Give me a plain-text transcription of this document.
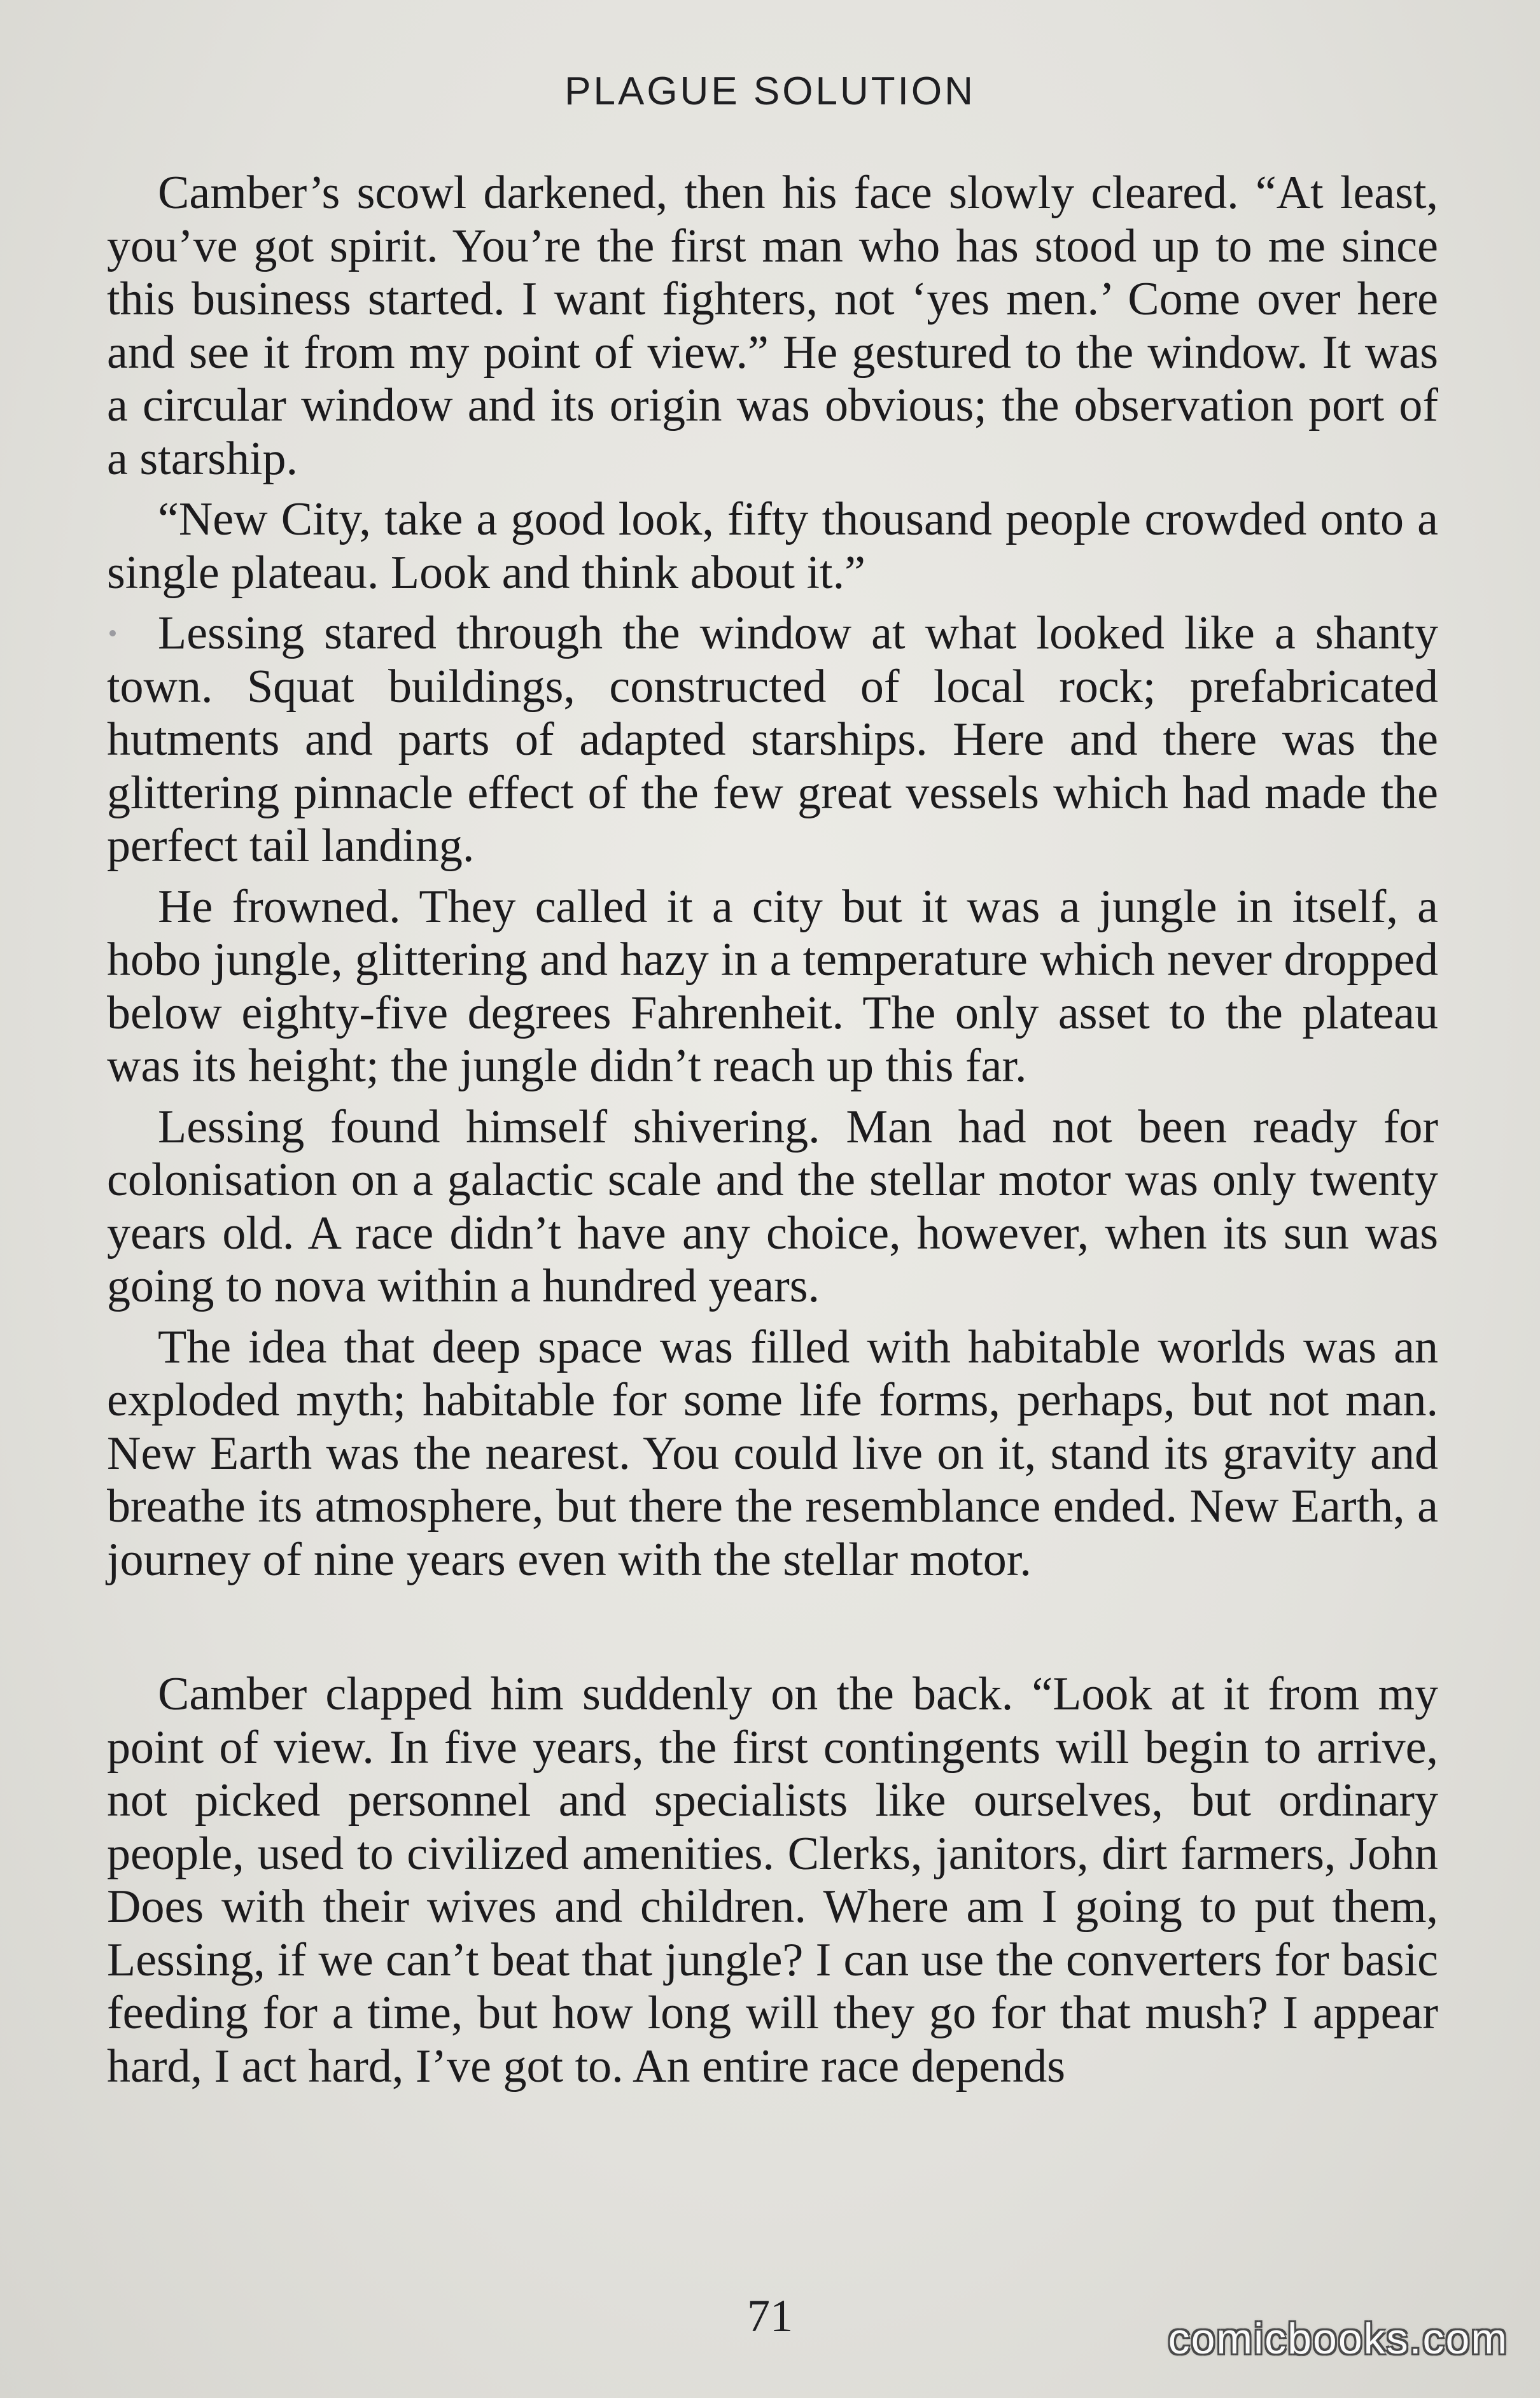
PLAGUE SOLUTION

Camber’s scowl darkened, then his face slowly cleared. “At least, you’ve got spirit. You’re the first man who has stood up to me since this business started. I want fighters, not ‘yes men.’ Come over here and see it from my point of view.” He gestured to the window. It was a circular window and its origin was obvious; the observation port of a starship.

“New City, take a good look, fifty thousand people crowded onto a single plateau. Look and think about it.”

Lessing stared through the window at what looked like a shanty town. Squat buildings, constructed of local rock; prefabricated hutments and parts of adapted starships. Here and there was the glittering pinnacle effect of the few great vessels which had made the perfect tail landing.

He frowned. They called it a city but it was a jungle in itself, a hobo jungle, glittering and hazy in a temperature which never dropped below eighty-five degrees Fahrenheit. The only asset to the plateau was its height; the jungle didn’t reach up this far.

Lessing found himself shivering. Man had not been ready for colonisation on a galactic scale and the stellar motor was only twenty years old. A race didn’t have any choice, however, when its sun was going to nova within a hundred years.

The idea that deep space was filled with habitable worlds was an exploded myth; habitable for some life forms, perhaps, but not man. New Earth was the nearest. You could live on it, stand its gravity and breathe its atmosphere, but there the resemblance ended. New Earth, a journey of nine years even with the stellar motor.

Camber clapped him suddenly on the back. “Look at it from my point of view. In five years, the first contingents will begin to arrive, not picked personnel and specialists like ourselves, but ordinary people, used to civilized amenities. Clerks, janitors, dirt farmers, John Does with their wives and children. Where am I going to put them, Lessing, if we can’t beat that jungle? I can use the converters for basic feeding for a time, but how long will they go for that mush? I appear hard, I act hard, I’ve got to. An entire race depends

71	comicbooks.com
